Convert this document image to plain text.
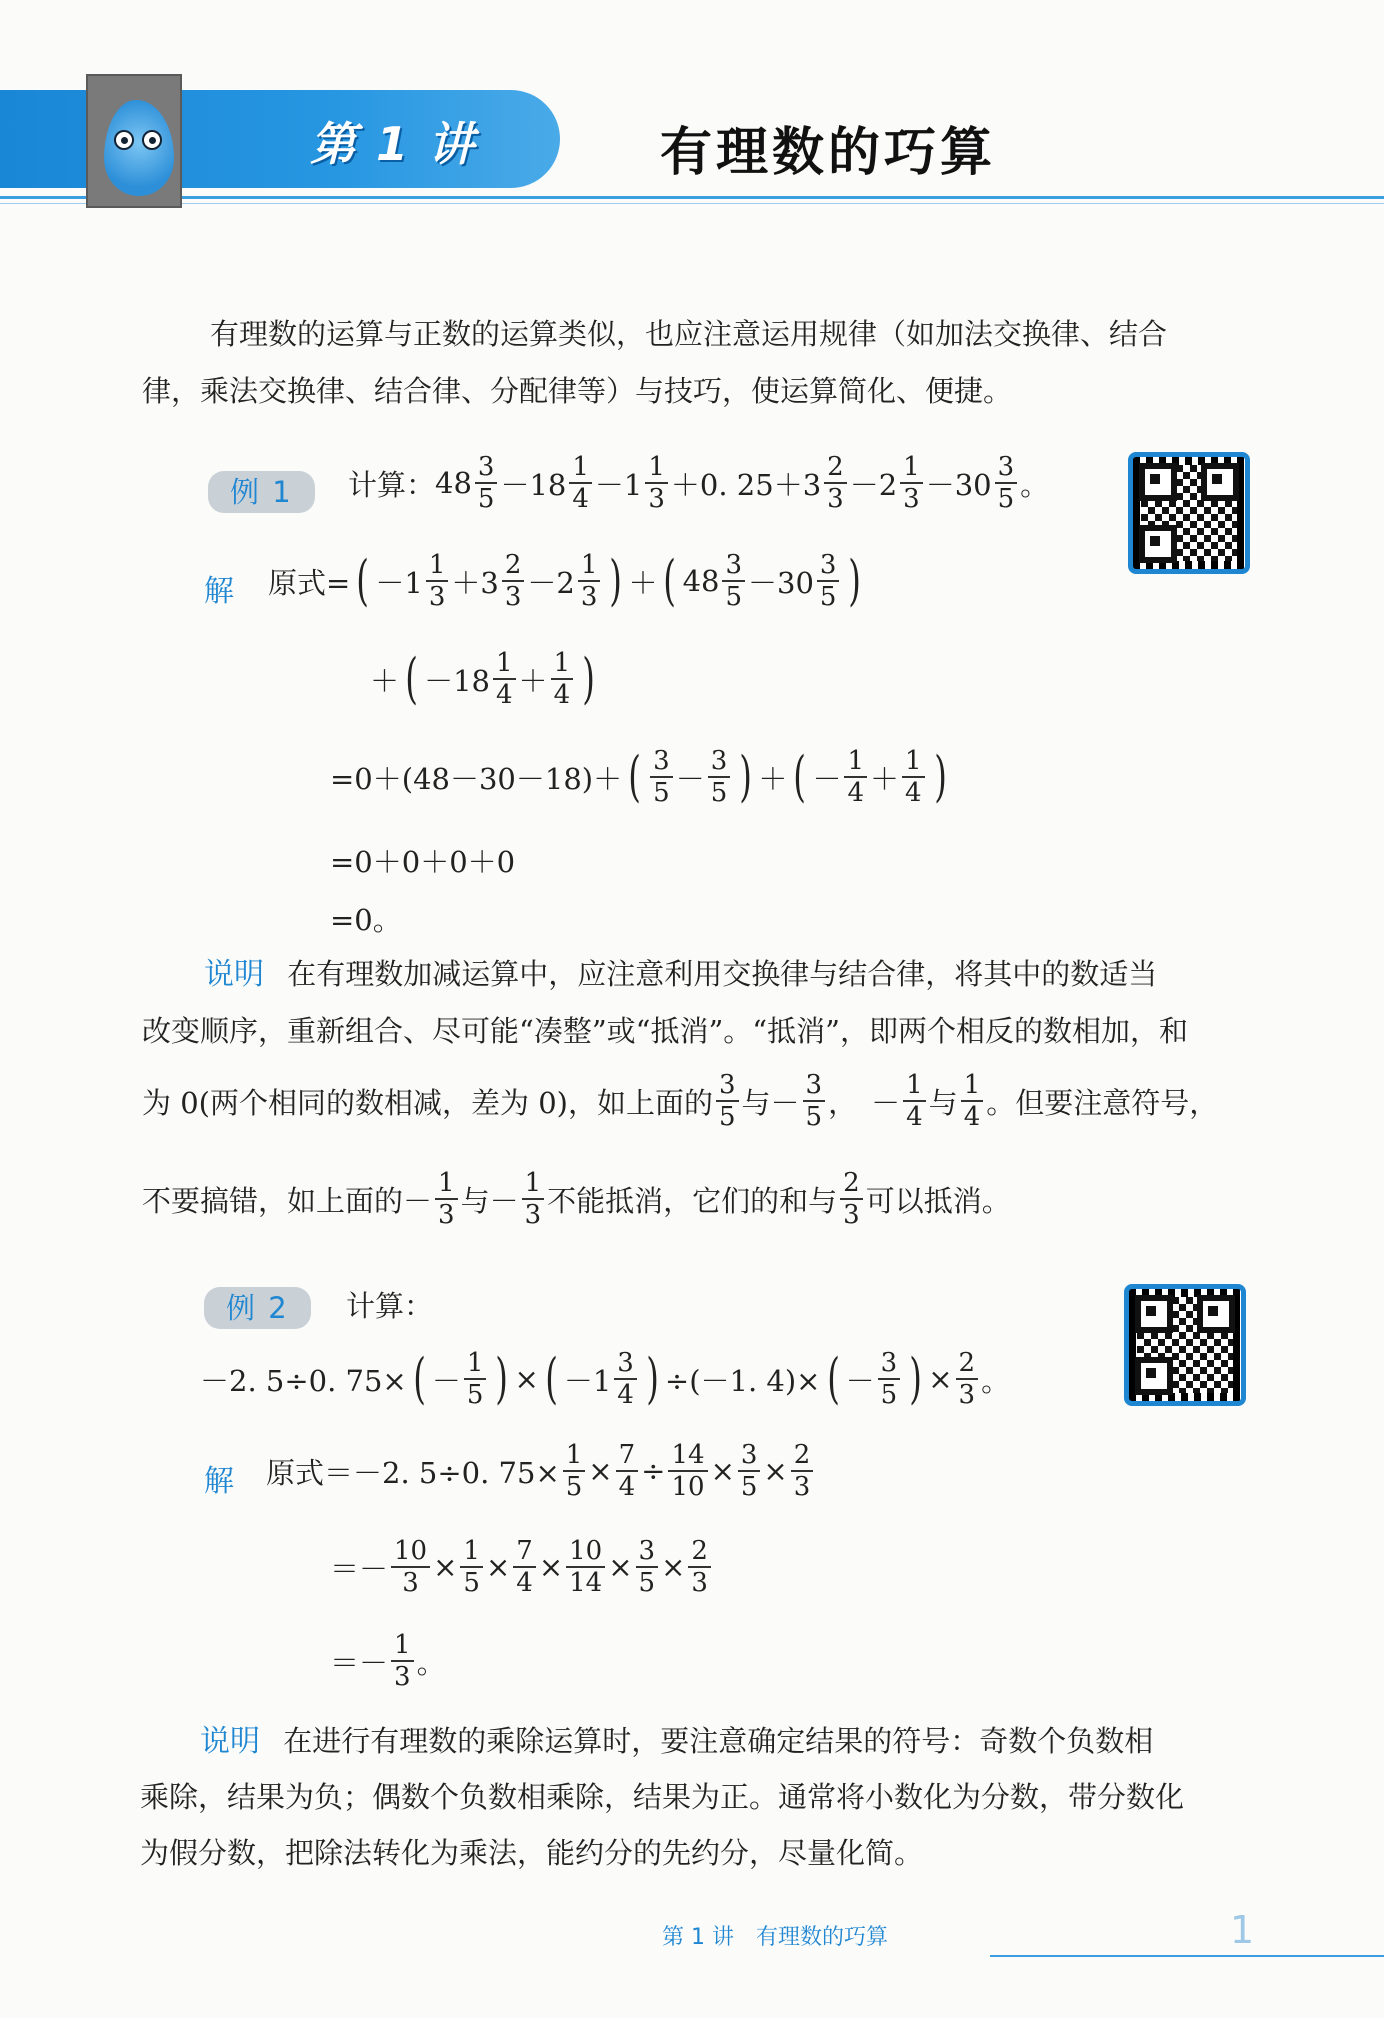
第 1 讲	有理数的巧算
有理数的运算与正数的运算类似，也应注意运用规律（如加法交换律、结合
律，乘法交换律、结合律、分配律等）与技巧，使运算简化、便捷。
例 1	计算： $48 \frac{3}{5} -18 \frac{1}{4} -1 \frac{1}{3} +0$. $25+3 \frac{2}{3} -2 \frac{1}{3} -30 \frac{3}{5}$ 。
解 原式= ( $-1 \frac{1}{3} +3 \frac{2}{3} -2 \frac{1}{3}$ ) ＋ ( $48 \frac{3}{5} -30 \frac{3}{5}$ )
＋ ( $-18 \frac{1}{4} + \frac{1}{4}$ )
=0＋(48－30－18)＋ ( $\frac{3}{5} - \frac{3}{5}$ ) ＋ ( － $\frac{1}{4} + \frac{1}{4}$ )
=0＋0＋0＋0
=0。
说明 在有理数加减运算中，应注意利用交换律与结合律，将其中的数适当
改变顺序，重新组合、尽可能“凑整”或“抵消”。“抵消”，即两个相反的数相加，和
为 0(两个相同的数相减，差为 0)，如上面的 $\frac{3}{5}$ 与 － $\frac{3}{5}$ ， － $\frac{1}{4}$ 与 $\frac{1}{4}$ 。但要注意符号，
不要搞错，如上面的 － $\frac{1}{3}$ 与 － $\frac{1}{3}$ 不能抵消，它们的和与 $\frac{2}{3}$ 可以抵消。
例 2	计算：
－2. 5÷0. 75× ( － $\frac{1}{5}$ ) × ( $-1 \frac{3}{4}$ ) ÷(－1. 4)× ( － $\frac{3}{5}$ ) × $\frac{2}{3}$ 。
解 原式＝ －2. 5÷0. $75\times \frac{1}{5} \times \frac{7}{4} \div \frac{14}{10} \times \frac{3}{5} \times \frac{2}{3}$
＝－ $\frac{10}{3} \times \frac{1}{5} \times \frac{7}{4} \times \frac{10}{14} \times \frac{3}{5} \times \frac{2}{3}$
＝－ $\frac{1}{3}$ 。
说明 在进行有理数的乘除运算时，要注意确定结果的符号：奇数个负数相
乘除，结果为负；偶数个负数相乘除，结果为正。通常将小数化为分数，带分数化
为假分数，把除法转化为乘法，能约分的先约分，尽量化简。
第 1 讲　有理数的巧算	1
